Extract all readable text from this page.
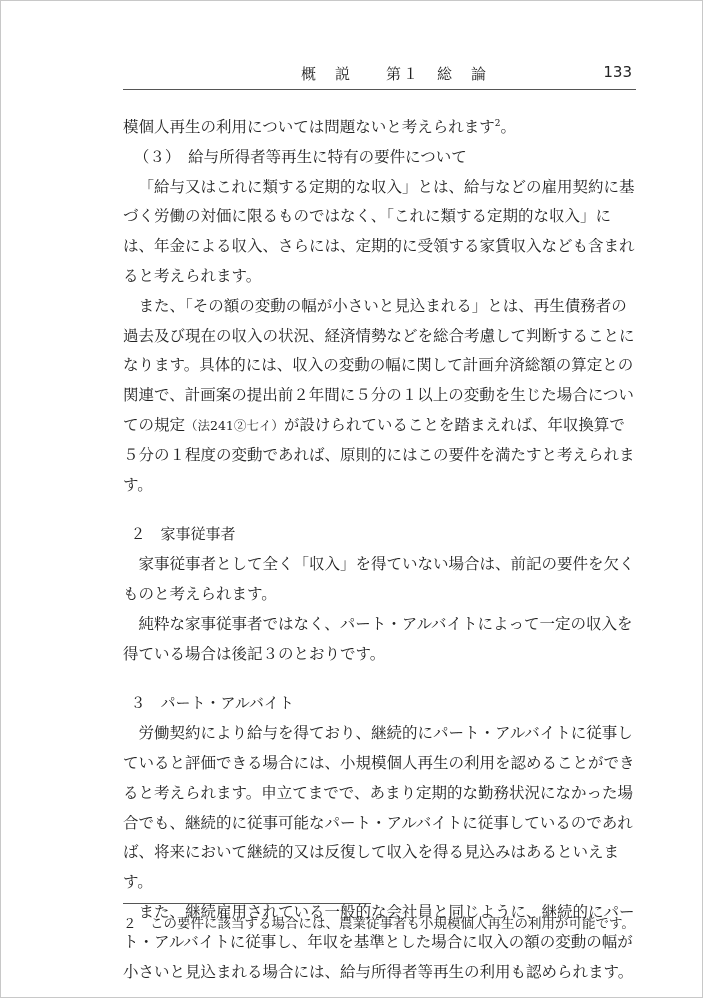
概　説　　第１　総　論	133

模個人再生の利用については問題ないと考えられます$^2$。

（３）　給与所得者等再生に特有の要件について

「給与又はこれに類する定期的な収入」とは、給与などの雇用契約に基づく労働の対価に限るものではなく、「これに類する定期的な収入」には、年金による収入、さらには、定期的に受領する家賃収入なども含まれると考えられます。

また、「その額の変動の幅が小さいと見込まれる」とは、再生債務者の過去及び現在の収入の状況、経済情勢などを総合考慮して判断することになります。具体的には、収入の変動の幅に関して計画弁済総額の算定との関連で、計画案の提出前２年間に５分の１以上の変動を生じた場合についての規定（法241②七イ）が設けられていることを踏まえれば、年収換算で５分の１程度の変動であれば、原則的にはこの要件を満たすと考えられます。

２　家事従事者

家事従事者として全く「収入」を得ていない場合は、前記の要件を欠くものと考えられます。

純粋な家事従事者ではなく、パート・アルバイトによって一定の収入を得ている場合は後記３のとおりです。

３　パート・アルバイト

労働契約により給与を得ており、継続的にパート・アルバイトに従事していると評価できる場合には、小規模個人再生の利用を認めることができると考えられます。申立てまでで、あまり定期的な勤務状況になかった場合でも、継続的に従事可能なパート・アルバイトに従事しているのであれば、将来において継続的又は反復して収入を得る見込みはあるといえます。

また、継続雇用されている一般的な会社員と同じように、継続的にパート・アルバイトに従事し、年収を基準とした場合に収入の額の変動の幅が小さいと見込まれる場合には、給与所得者等再生の利用も認められます。

２　この要件に該当する場合には、農業従事者も小規模個人再生の利用が可能です。
